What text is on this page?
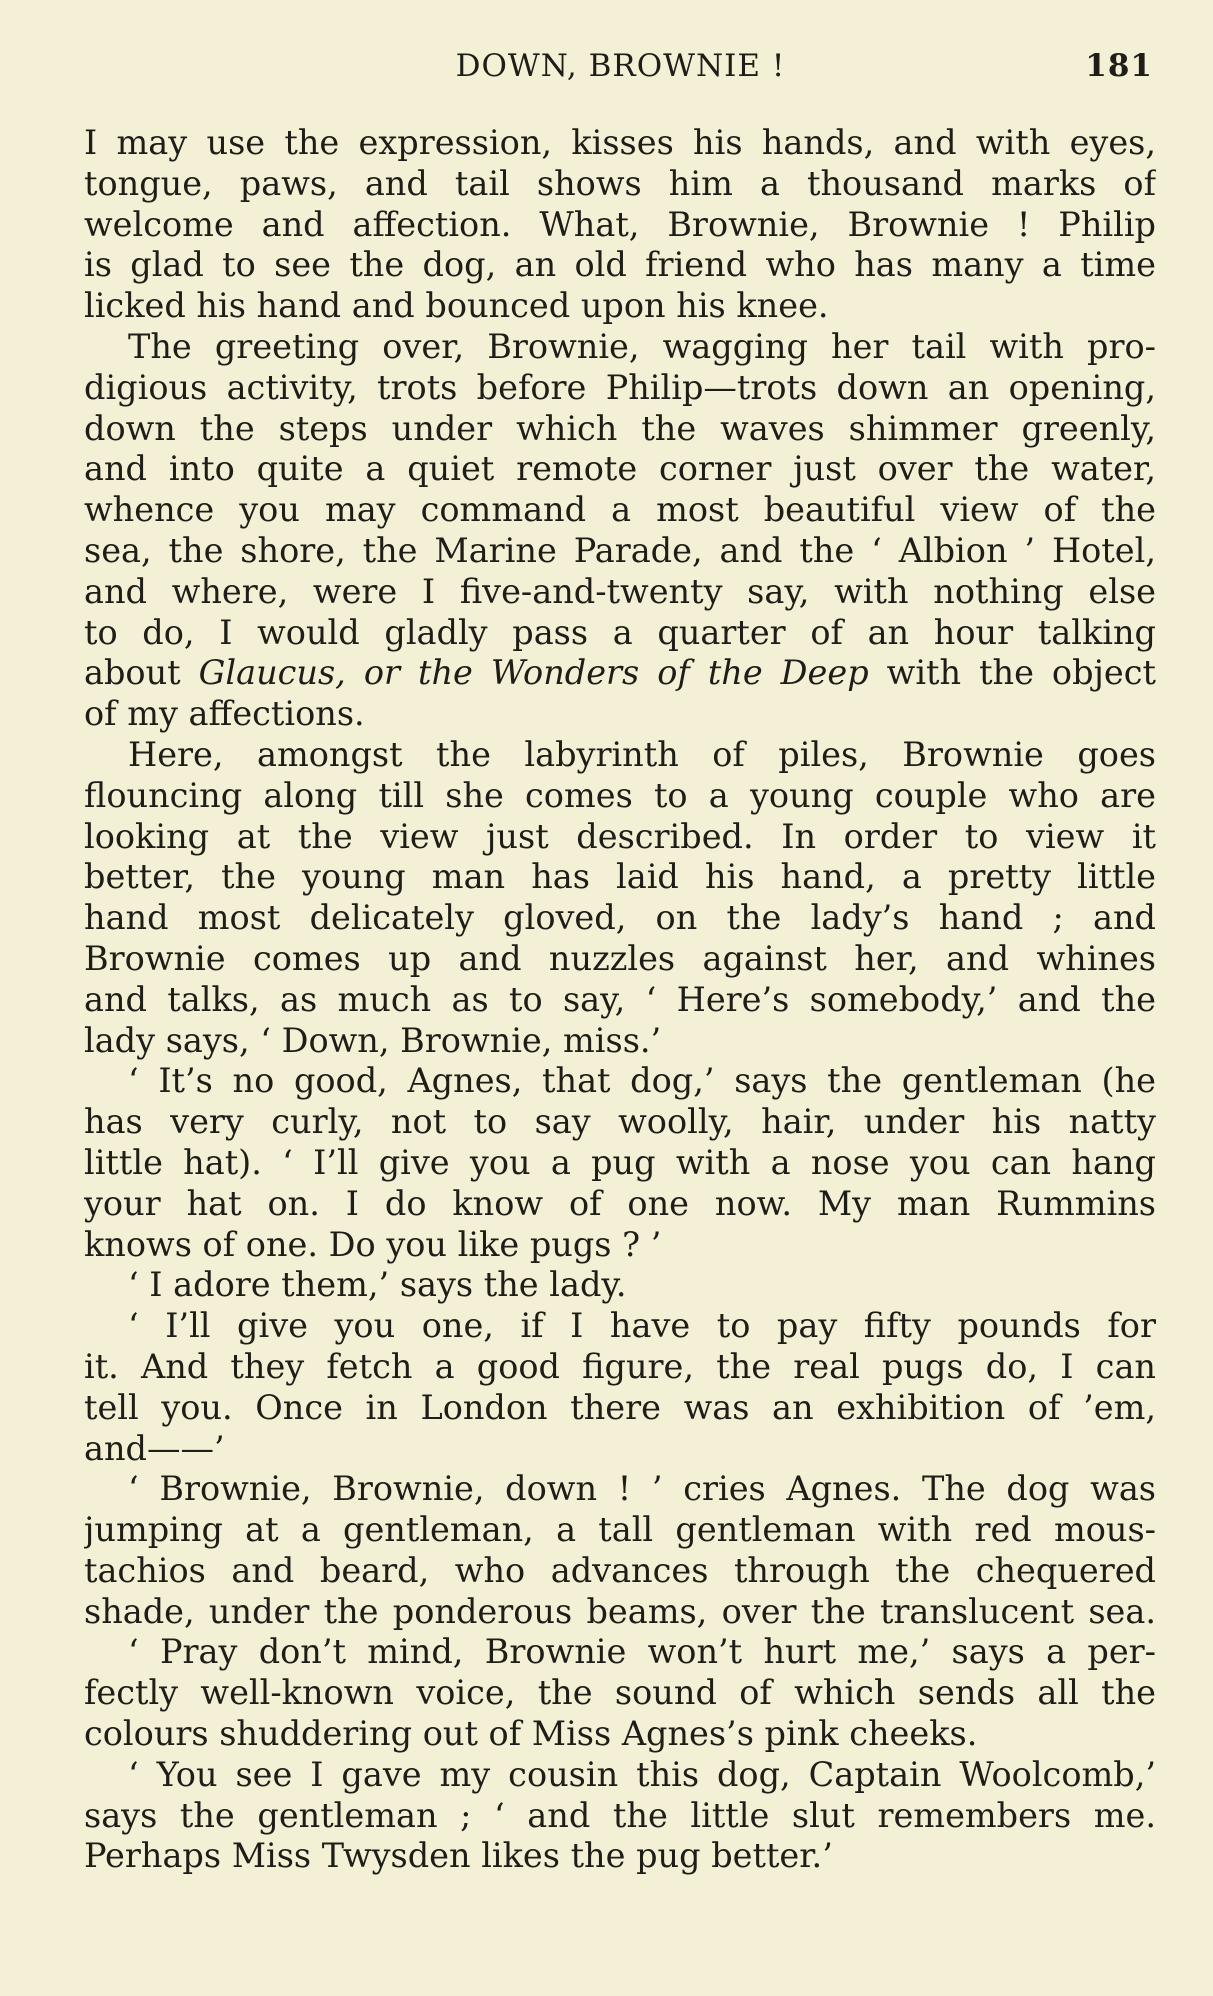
DOWN, BROWNIE !	181
I may use the expression, kisses his hands, and with eyes,
tongue, paws, and tail shows him a thousand marks of
welcome and affection. What, Brownie, Brownie ! Philip
is glad to see the dog, an old friend who has many a time
licked his hand and bounced upon his knee.
The greeting over, Brownie, wagging her tail with pro-
digious activity, trots before Philip—trots down an opening,
down the steps under which the waves shimmer greenly,
and into quite a quiet remote corner just over the water,
whence you may command a most beautiful view of the
sea, the shore, the Marine Parade, and the ‘ Albion ’ Hotel,
and where, were I five-and-twenty say, with nothing else
to do, I would gladly pass a quarter of an hour talking
about Glaucus, or the Wonders of the Deep with the object
of my affections.
Here, amongst the labyrinth of piles, Brownie goes
flouncing along till she comes to a young couple who are
looking at the view just described. In order to view it
better, the young man has laid his hand, a pretty little
hand most delicately gloved, on the lady’s hand ; and
Brownie comes up and nuzzles against her, and whines
and talks, as much as to say, ‘ Here’s somebody,’ and the
lady says, ‘ Down, Brownie, miss.’
‘ It’s no good, Agnes, that dog,’ says the gentleman (he
has very curly, not to say woolly, hair, under his natty
little hat). ‘ I’ll give you a pug with a nose you can hang
your hat on. I do know of one now. My man Rummins
knows of one. Do you like pugs ? ’
‘ I adore them,’ says the lady.
‘ I’ll give you one, if I have to pay fifty pounds for
it. And they fetch a good figure, the real pugs do, I can
tell you. Once in London there was an exhibition of ’em,
and——’
‘ Brownie, Brownie, down ! ’ cries Agnes. The dog was
jumping at a gentleman, a tall gentleman with red mous-
tachios and beard, who advances through the chequered
shade, under the ponderous beams, over the translucent sea.
‘ Pray don’t mind, Brownie won’t hurt me,’ says a per-
fectly well-known voice, the sound of which sends all the
colours shuddering out of Miss Agnes’s pink cheeks.
‘ You see I gave my cousin this dog, Captain Woolcomb,’
says the gentleman ; ‘ and the little slut remembers me.
Perhaps Miss Twysden likes the pug better.’
